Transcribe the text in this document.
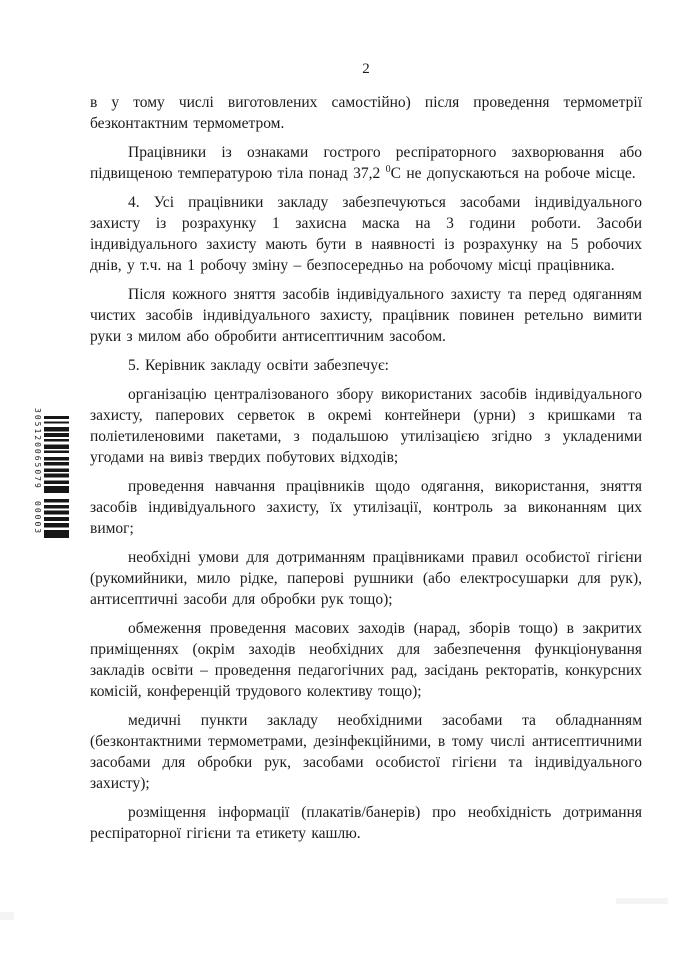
2
305120065079
00003

в у тому числі виготовлених самостійно) після проведення термометрії безконтактним термометром.

Працівники із ознаками гострого респіраторного захворювання або підвищеною температурою тіла понад 37,2 $^0$С не допускаються на робоче місце.

4. Усі працівники закладу забезпечуються засобами індивідуального захисту із розрахунку 1 захисна маска на 3 години роботи. Засоби індивідуального захисту мають бути в наявності із розрахунку на 5 робочих днів, у т.ч. на 1 робочу зміну – безпосередньо на робочому місці працівника.

Після кожного зняття засобів індивідуального захисту та перед одяганням чистих засобів індивідуального захисту, працівник повинен ретельно вимити руки з милом або обробити антисептичним засобом.

5. Керівник закладу освіти забезпечує:

організацію централізованого збору використаних засобів індивідуального захисту, паперових серветок в окремі контейнери (урни) з кришками та поліетиленовими пакетами, з подальшою утилізацією згідно з укладеними угодами на вивіз твердих побутових відходів;

проведення навчання працівників щодо одягання, використання, зняття засобів індивідуального захисту, їх утилізації, контроль за виконанням цих вимог;

необхідні умови для дотриманням працівниками правил особистої гігієни (рукомийники, мило рідке, паперові рушники (або електросушарки для рук), антисептичні засоби для обробки рук тощо);

обмеження проведення масових заходів (нарад, зборів тощо) в закритих приміщеннях (окрім заходів необхідних для забезпечення функціонування закладів освіти – проведення педагогічних рад, засідань ректоратів, конкурсних комісій, конференцій трудового колективу тощо);

медичні пункти закладу необхідними засобами та обладнанням (безконтактними термометрами, дезінфекційними, в тому числі антисептичними засобами для обробки рук, засобами особистої гігієни та індивідуального захисту);

розміщення інформації (плакатів/банерів) про необхідність дотримання респіраторної гігієни та етикету кашлю.
